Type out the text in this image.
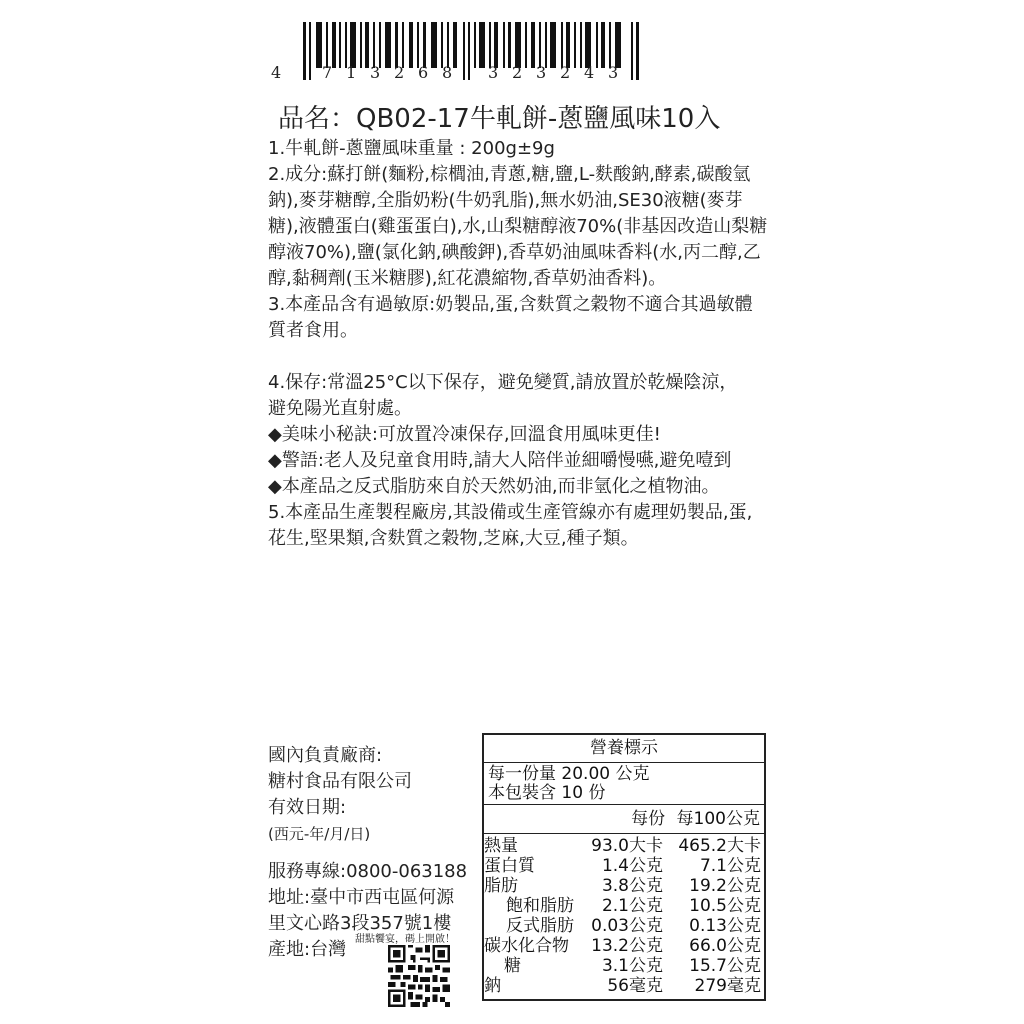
4	7 1 3 2 6 8 3 2 3 2 4 3
品名：QB02-17牛軋餅-蔥鹽風味10入

1.牛軋餅-蔥鹽風味重量 : 200g±9g

2.成分:蘇打餅(麵粉,棕櫚油,青蔥,糖,鹽,L-麩酸鈉,酵素,碳酸氫鈉),麥芽糖醇,全脂奶粉(牛奶乳脂),無水奶油,SE30液糖(麥芽糖),液體蛋白(雞蛋蛋白),水,山梨糖醇液70%(非基因改造山梨糖醇液70%),鹽(氯化鈉,碘酸鉀),香草奶油風味香料(水,丙二醇,乙醇,黏稠劑(玉米糖膠),紅花濃縮物,香草奶油香料)。

3.本產品含有過敏原:奶製品,蛋,含麩質之穀物不適合其過敏體質者食用。

4.保存:常溫25°C以下保存，避免變質,請放置於乾燥陰涼，避免陽光直射處。

◆美味小秘訣:可放置冷凍保存,回溫食用風味更佳!

◆警語:老人及兒童食用時,請大人陪伴並細嚼慢嚥,避免噎到

◆本產品之反式脂肪來自於天然奶油,而非氫化之植物油。

5.本產品生產製程廠房,其設備或生產管線亦有處理奶製品,蛋,花生,堅果類,含麩質之穀物,芝麻,大豆,種子類。

國內負責廠商:

糖村食品有限公司

有效日期:

(西元-年/月/日)

服務專線:0800-063188

地址:臺中市西屯區何源

里文心路3段357號1樓

產地:台灣 甜點饗宴，碼上開啟！
營養標示
每一份量 20.00 公克
本包裝含 10 份
每份 每100公克
熱量	93.0大卡	465.2大卡
蛋白質	1.4公克	7.1公克
脂肪	3.8公克	19.2公克
飽和脂肪	2.1公克	10.5公克
反式脂肪	0.03公克	0.13公克
碳水化合物	13.2公克	66.0公克
糖	3.1公克	15.7公克
鈉	56毫克	279毫克
